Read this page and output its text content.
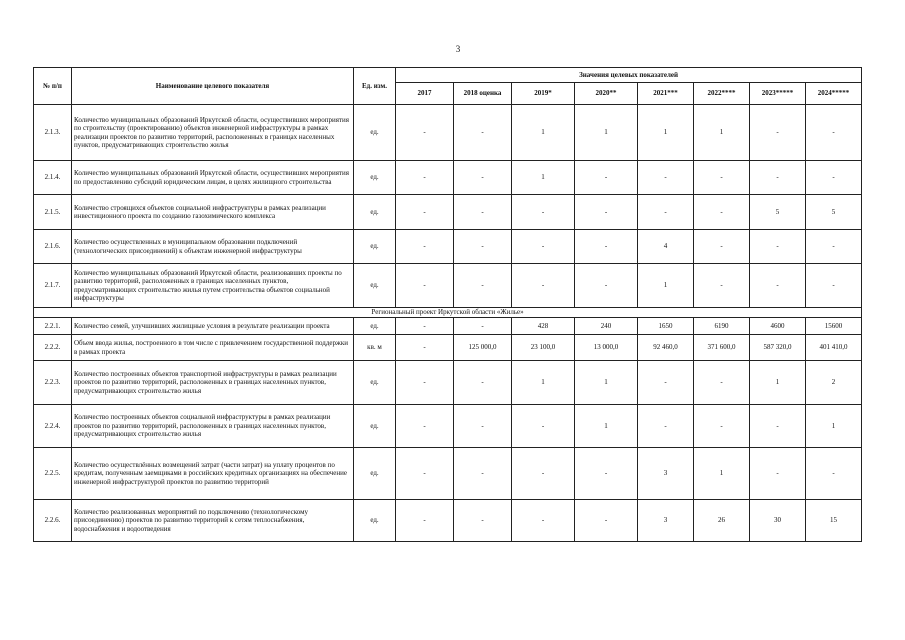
3
№ п/п	Наименование целевого показателя	Ед. изм.	Значения целевых показателей							
			2017	2018 оценка	2019*	2020**	2021***	2022****	2023*****	2024*****
2.1.3.	Количество муниципальных образований Иркутской области, осуществивших мероприятия по строительству (проектированию) объектов инженерной инфраструктуры в рамках реализации проектов по развитию территорий, расположенных в границах населенных пунктов, предусматривающих строительство жилья	ед.	-	-	1	1	1	1	-	-
2.1.4.	Количество муниципальных образований Иркутской области, осуществивших мероприятия по предоставлению субсидий юридическим лицам, в целях жилищного строительства	ед.	-	-	1	-	-	-	-	-
2.1.5.	Количество строящихся объектов социальной инфраструктуры в рамках реализации инвестиционного проекта по созданию газохимического комплекса	ед.	-	-	-	-	-	-	5	5
2.1.6.	Количество осуществленных в муниципальном образовании подключений (технологических присоединений) к объектам инженерной инфраструктуры	ед.	-	-	-	-	4	-	-	-
2.1.7.	Количество муниципальных образований Иркутской области, реализовавших проекты по развитию территорий, расположенных в границах населенных пунктов, предусматривающих строительство жилья путем строительства объектов социальной инфраструктуры	ед.	-	-	-	-	1	-	-	-
Региональный проект Иркутской области «Жилье»										
2.2.1.	Количество семей, улучшивших жилищные условия в результате реализации проекта	ед.	-	-	428	240	1650	6190	4600	15600
2.2.2.	Объем ввода жилья, построенного в том числе с привлечением государственной поддержки в рамках проекта	кв. м	-	125 000,0	23 100,0	13 000,0	92 460,0	371 600,0	587 320,0	401 410,0
2.2.3.	Количество построенных объектов транспортной инфраструктуры в рамках реализации проектов по развитию территорий, расположенных в границах населенных пунктов, предусматривающих строительство жилья	ед.	-	-	1	1	-	-	1	2
2.2.4.	Количество построенных объектов социальной инфраструктуры в рамках реализации проектов по развитию территорий, расположенных в границах населенных пунктов, предусматривающих строительство жилья	ед.	-	-	-	1	-	-	-	1
2.2.5.	Количество осуществлённых возмещений затрат (части затрат) на уплату процентов по кредитам, полученным заемщиками в российских кредитных организациях на обеспечение инженерной инфраструктурой проектов по развитию территорий	ед.	-	-	-	-	3	1	-	-
2.2.6.	Количество реализованных мероприятий по подключению (технологическому присоединению) проектов по развитию территорий к сетям теплоснабжения, водоснабжения и водоотведения	ед.	-	-	-	-	3	26	30	15
